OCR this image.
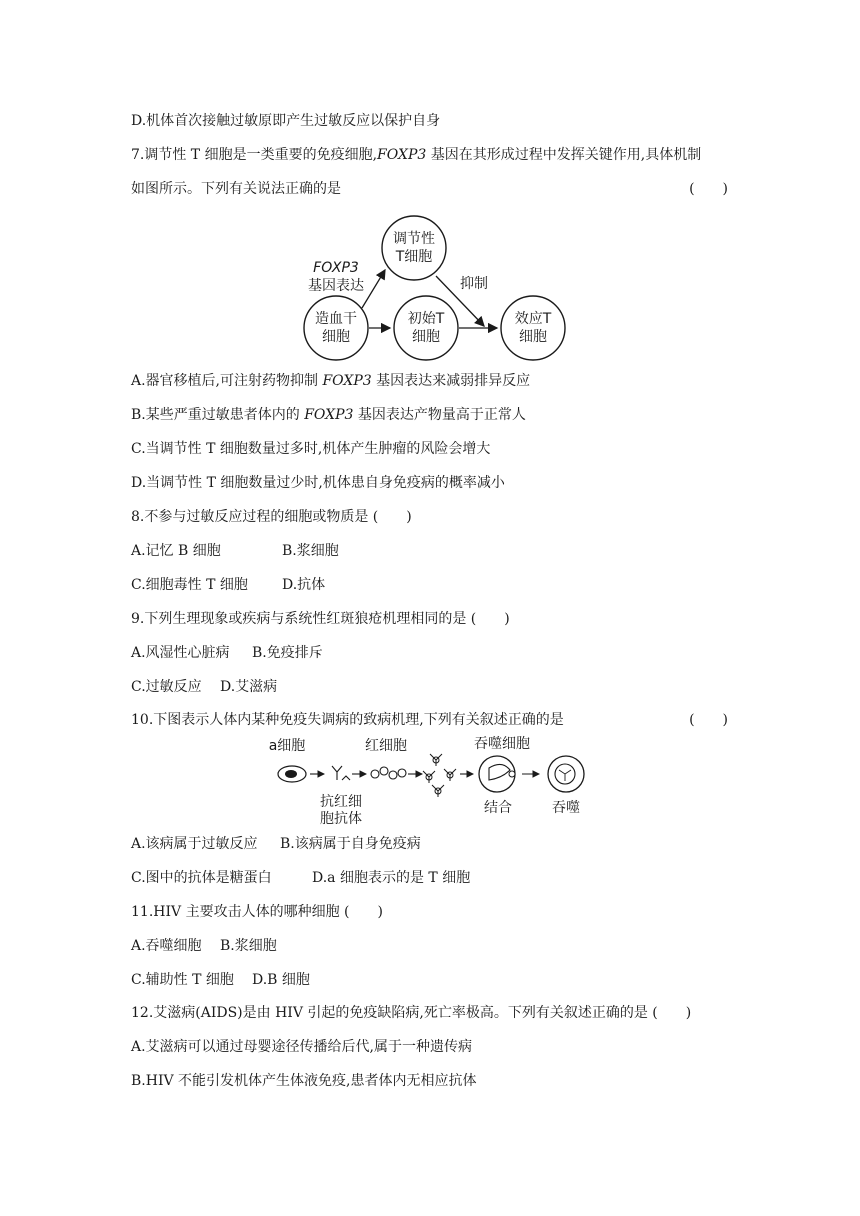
D.机体首次接触过敏原即产生过敏反应以保护自身
7.调节性 T 细胞是一类重要的免疫细胞,FOXP3 基因在其形成过程中发挥关键作用,具体机制
如图所示。下列有关说法正确的是	(　　)
调节性
T细胞
造血干
细胞
初始T
细胞
效应T
细胞
FOXP3
基因表达	抑制
A.器官移植后,可注射药物抑制 FOXP3 基因表达来减弱排异反应
B.某些严重过敏患者体内的 FOXP3 基因表达产物量高于正常人
C.当调节性 T 细胞数量过多时,机体产生肿瘤的风险会增大
D.当调节性 T 细胞数量过少时,机体患自身免疫病的概率减小
8.不参与过敏反应过程的细胞或物质是 (　　)
A.记忆 B 细胞	B.浆细胞
C.细胞毒性 T 细胞 D.抗体
9.下列生理现象或疾病与系统性红斑狼疮机理相同的是 (　　)
A.风湿性心脏病 B.免疫排斥
C.过敏反应 D.艾滋病
10.下图表示人体内某种免疫失调病的致病机理,下列有关叙述正确的是	(　　)
a细胞	红细胞
抗红细
胞抗体
吞噬细胞
结合	吞噬
A.该病属于过敏反应 B.该病属于自身免疫病
C.图中的抗体是糖蛋白	D.a 细胞表示的是 T 细胞
11.HIV 主要攻击人体的哪种细胞 (　　)
A.吞噬细胞 B.浆细胞
C.辅助性 T 细胞 D.B 细胞
12.艾滋病(AIDS)是由 HIV 引起的免疫缺陷病,死亡率极高。下列有关叙述正确的是 (　　)
A.艾滋病可以通过母婴途径传播给后代,属于一种遗传病
B.HIV 不能引发机体产生体液免疫,患者体内无相应抗体
